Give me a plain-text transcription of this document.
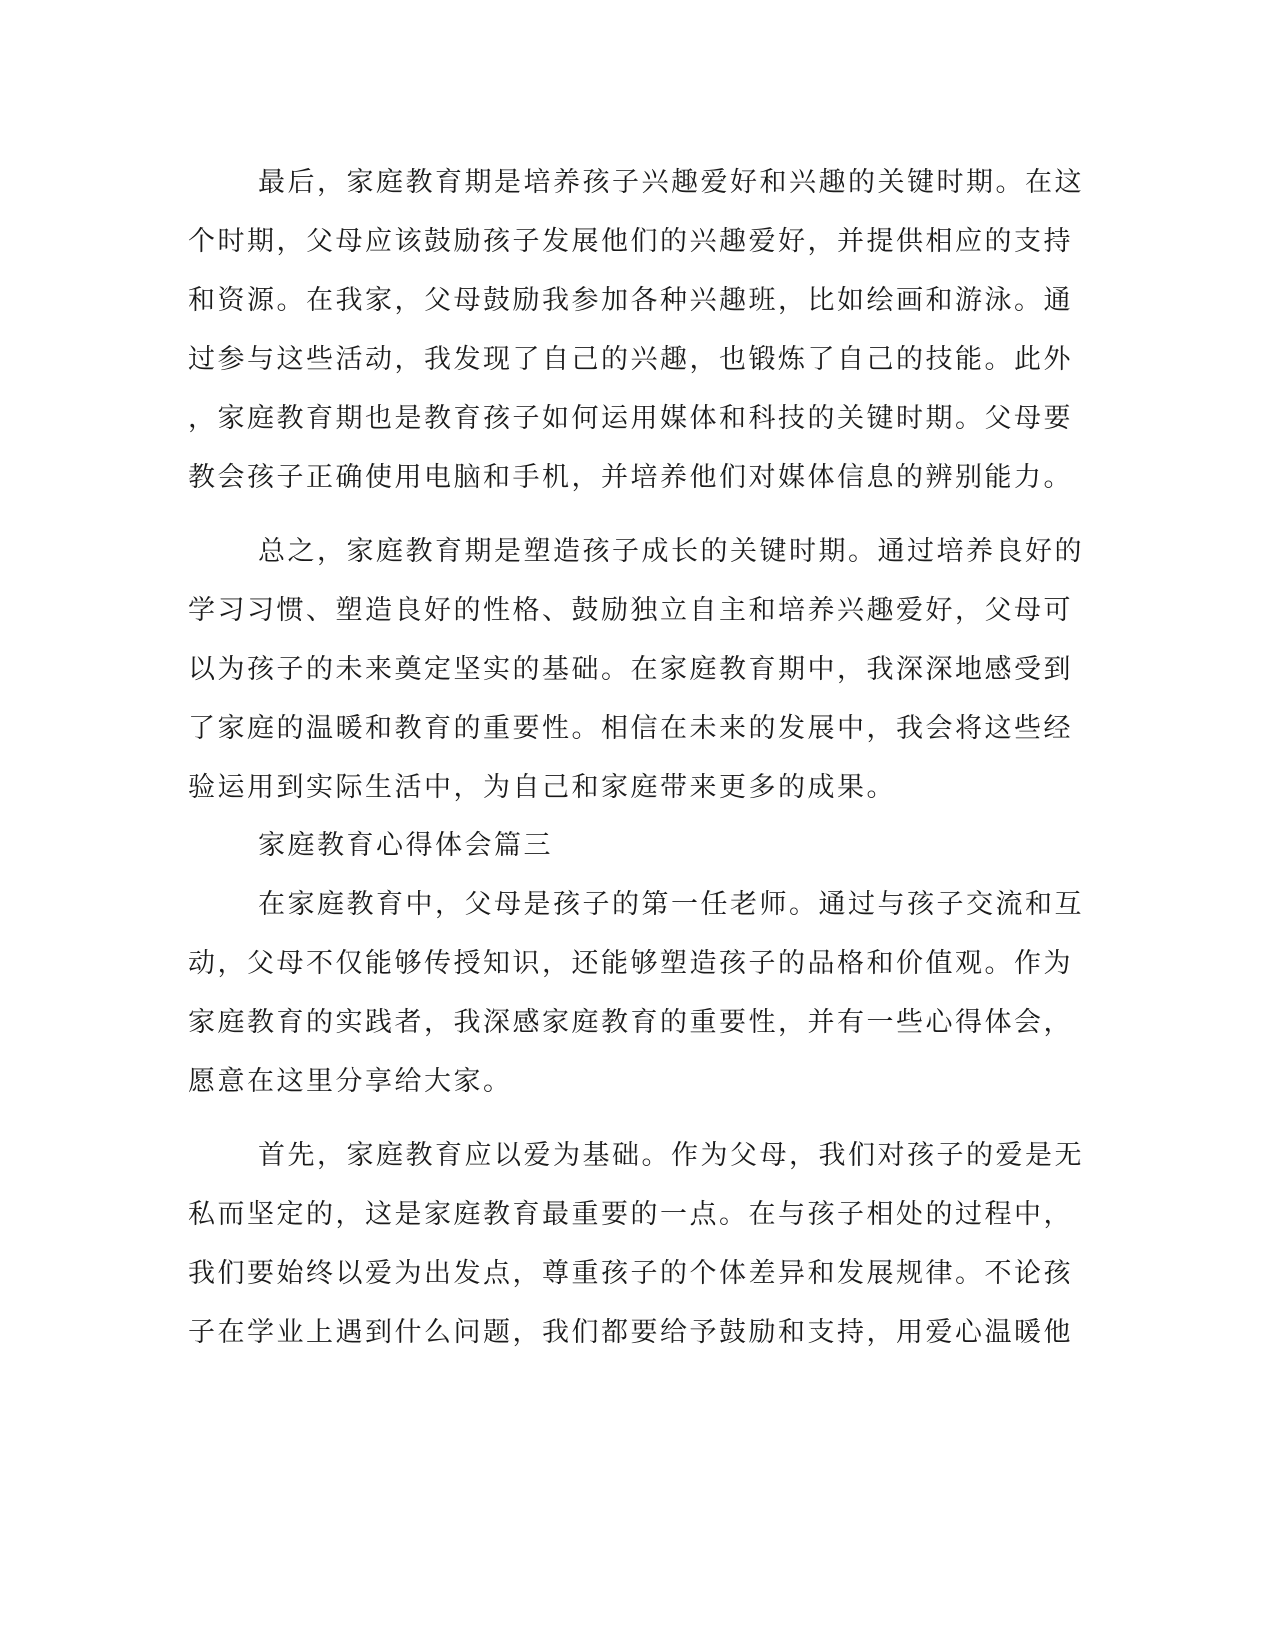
最后，家庭教育期是培养孩子兴趣爱好和兴趣的关键时期。在这
个时期，父母应该鼓励孩子发展他们的兴趣爱好，并提供相应的支持
和资源。在我家，父母鼓励我参加各种兴趣班，比如绘画和游泳。通
过参与这些活动，我发现了自己的兴趣，也锻炼了自己的技能。此外
，家庭教育期也是教育孩子如何运用媒体和科技的关键时期。父母要
教会孩子正确使用电脑和手机，并培养他们对媒体信息的辨别能力。
总之，家庭教育期是塑造孩子成长的关键时期。通过培养良好的
学习习惯、塑造良好的性格、鼓励独立自主和培养兴趣爱好，父母可
以为孩子的未来奠定坚实的基础。在家庭教育期中，我深深地感受到
了家庭的温暖和教育的重要性。相信在未来的发展中，我会将这些经
验运用到实际生活中，为自己和家庭带来更多的成果。
家庭教育心得体会篇三
在家庭教育中，父母是孩子的第一任老师。通过与孩子交流和互
动，父母不仅能够传授知识，还能够塑造孩子的品格和价值观。作为
家庭教育的实践者，我深感家庭教育的重要性，并有一些心得体会，
愿意在这里分享给大家。
首先，家庭教育应以爱为基础。作为父母，我们对孩子的爱是无
私而坚定的，这是家庭教育最重要的一点。在与孩子相处的过程中，
我们要始终以爱为出发点，尊重孩子的个体差异和发展规律。不论孩
子在学业上遇到什么问题，我们都要给予鼓励和支持，用爱心温暖他
